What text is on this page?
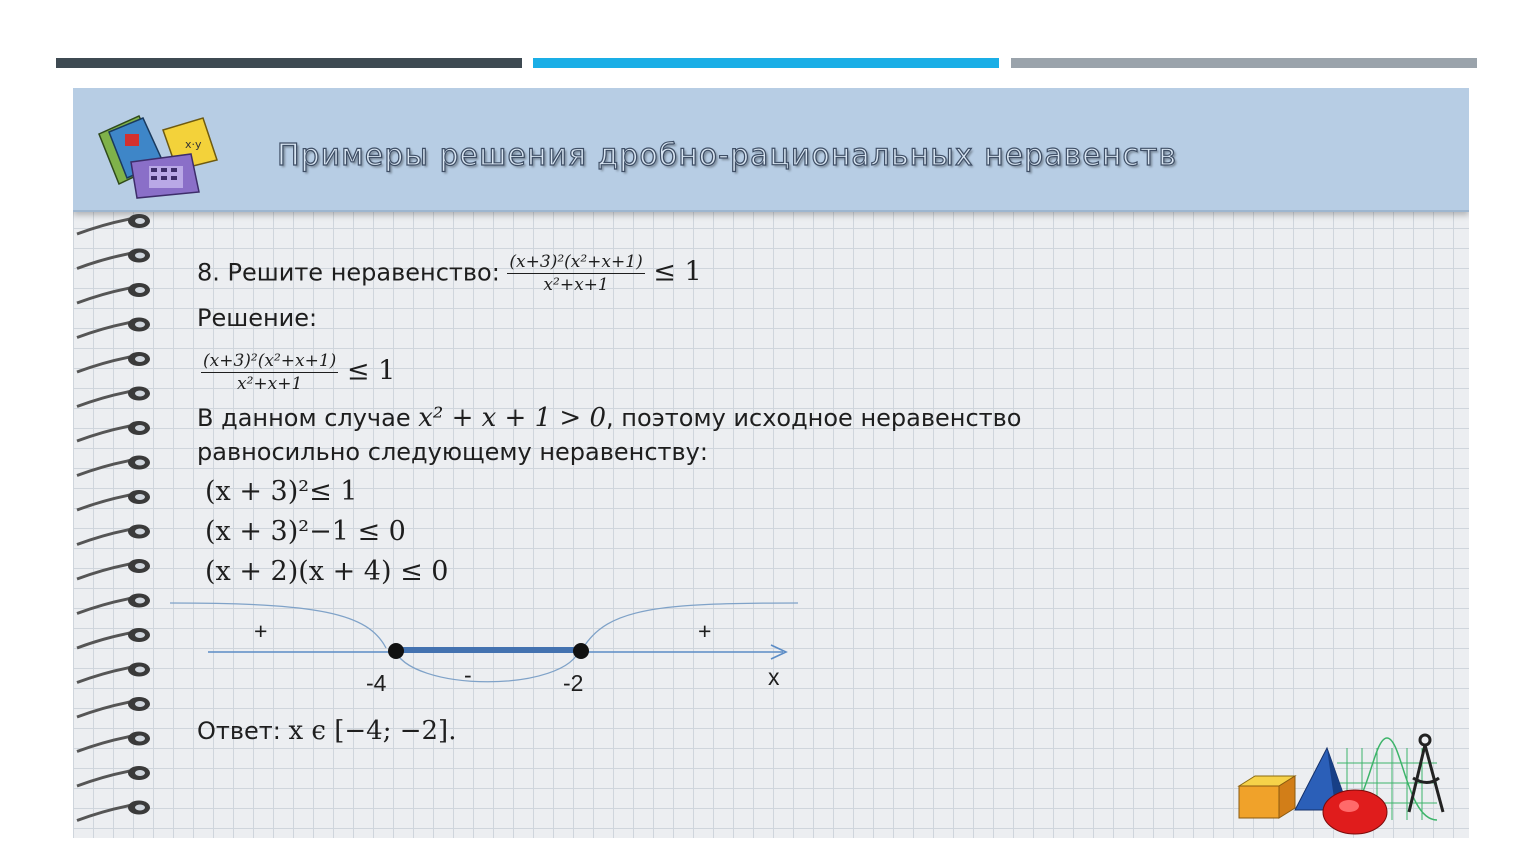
x·y	Примеры решения дробно-рациональных неравенств
8. Решите неравенство: $\frac{\text{(x+3)²(x²+x+1)}}{\text{x²+x+1}} \le 1$
Решение:
$\frac{\text{(x+3)²(x²+x+1)}}{\text{x²+x+1}} \le 1$
В данном случае x² + x + 1 > 0, поэтому исходное неравенство
равносильно следующему неравенству:
(x + 3)²≤ 1
(x + 3)²−1 ≤ 0
(x + 2)(x + 4) ≤ 0
+
-
+
-4	-2	x
Ответ: x ϵ [−4; −2].
